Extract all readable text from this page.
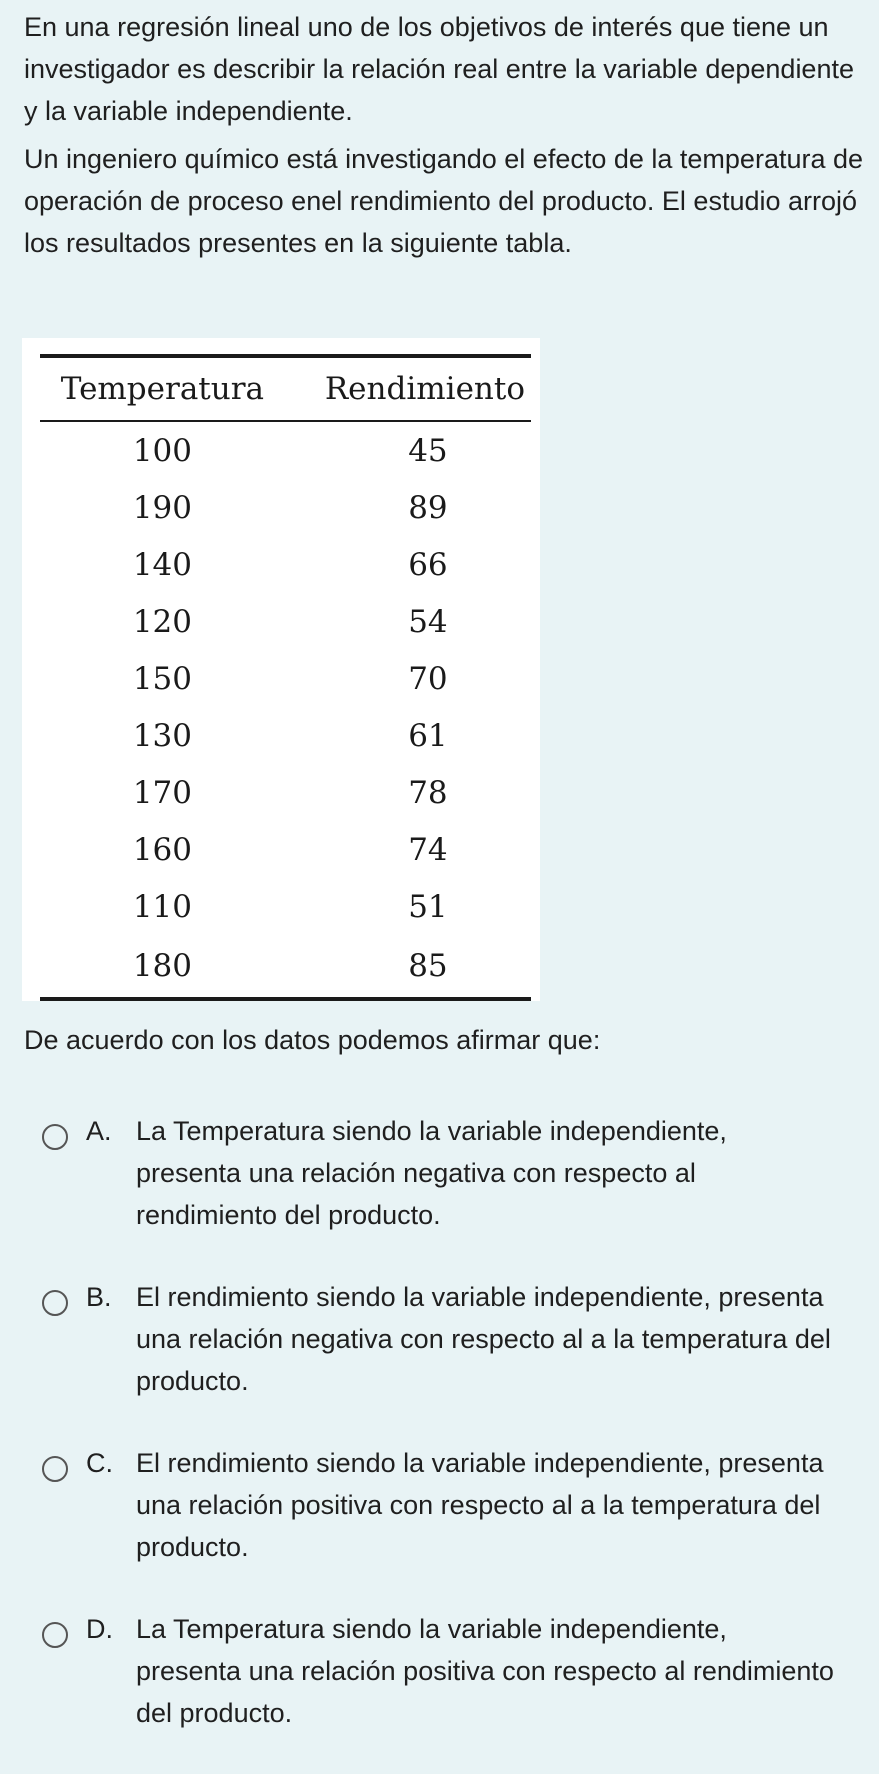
En una regresión lineal uno de los objetivos de interés que tiene un investigador es describir la relación real entre la variable dependiente y la variable independiente.

Un ingeniero químico está investigando el efecto de la temperatura de operación de proceso enel rendimiento del producto. El estudio arrojó los resultados presentes en la siguiente tabla.

Temperatura	Rendimiento
100	45
190	89
140	66
120	54
150	70
130	61
170	78
160	74
110	51
180	85

De acuerdo con los datos podemos afirmar que:

A. La Temperatura siendo la variable independiente, presenta una relación negativa con respecto al rendimiento del producto.
B. El rendimiento siendo la variable independiente, presenta una relación negativa con respecto al a la temperatura del producto.
C. El rendimiento siendo la variable independiente, presenta una relación positiva con respecto al a la temperatura del producto.
D. La Temperatura siendo la variable independiente, presenta una relación positiva con respecto al rendimiento del producto.
